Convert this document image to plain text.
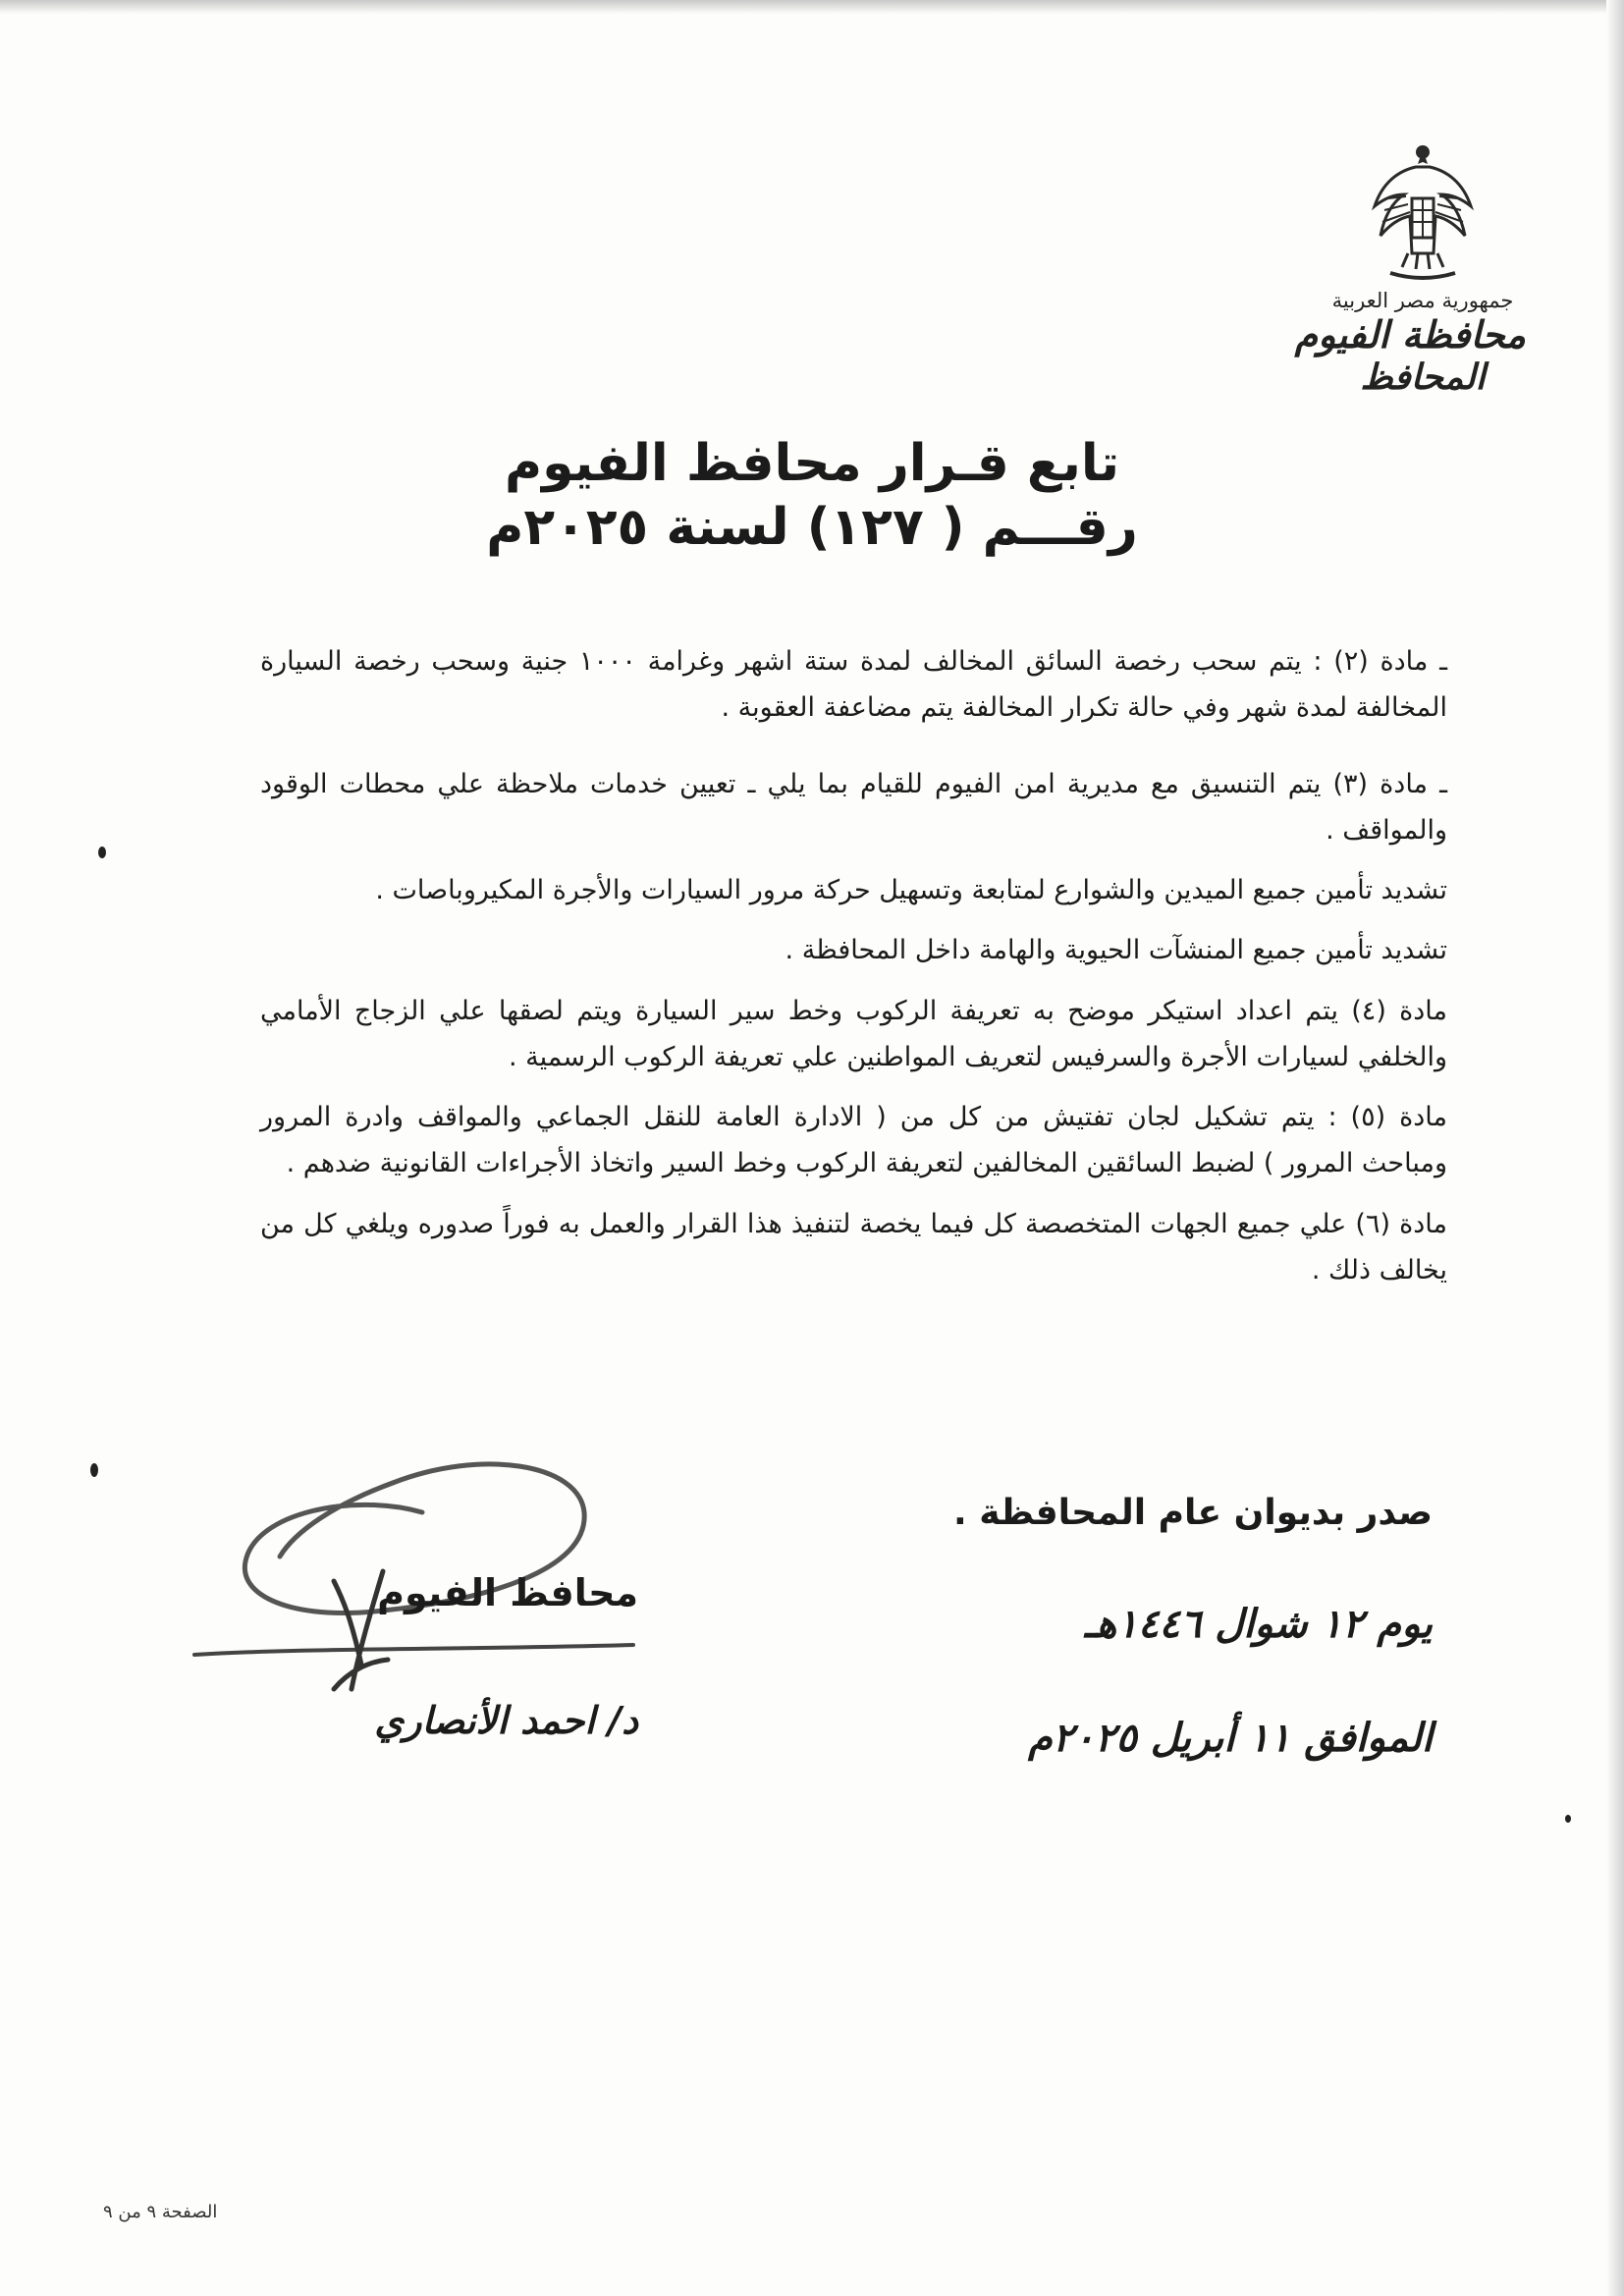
جمهورية مصر العربية
محافظة الفيوم
المحافظ
تابع قـرار محافظ الفيوم
رقـــم ( ١٢٧) لسنة ٢٠٢٥م

ـ مادة (٢) : يتم سحب رخصة السائق المخالف لمدة ستة اشهر وغرامة ١٠٠٠ جنية وسحب رخصة السيارة المخالفة لمدة شهر وفي حالة تكرار المخالفة يتم مضاعفة العقوبة .

ـ مادة (٣) يتم التنسيق مع مديرية امن الفيوم للقيام بما يلي ـ تعيين خدمات ملاحظة علي محطات الوقود والمواقف .

تشديد تأمين جميع الميدين والشوارع لمتابعة وتسهيل حركة مرور السيارات والأجرة المكيروباصات .

تشديد تأمين جميع المنشآت الحيوية والهامة داخل المحافظة .

مادة (٤) يتم اعداد استيكر موضح به تعريفة الركوب وخط سير السيارة ويتم لصقها علي الزجاج الأمامي والخلفي لسيارات الأجرة والسرفيس لتعريف المواطنين علي تعريفة الركوب الرسمية .

مادة (٥) : يتم تشكيل لجان تفتيش من كل من ( الادارة العامة للنقل الجماعي والمواقف وادرة المرور ومباحث المرور ) لضبط السائقين المخالفين لتعريفة الركوب وخط السير واتخاذ الأجراءات القانونية ضدهم .

مادة (٦) علي جميع الجهات المتخصصة كل فيما يخصة لتنفيذ هذا القرار والعمل به فوراً صدوره ويلغي كل من يخالف ذلك .

محافظ الفيوم
د/ احمد الأنصاري
صدر بديوان عام المحافظة .
يوم ١٢ شوال ١٤٤٦هـ
الموافق ١١ أبريل ٢٠٢٥م
الصفحة ٩ من ٩
